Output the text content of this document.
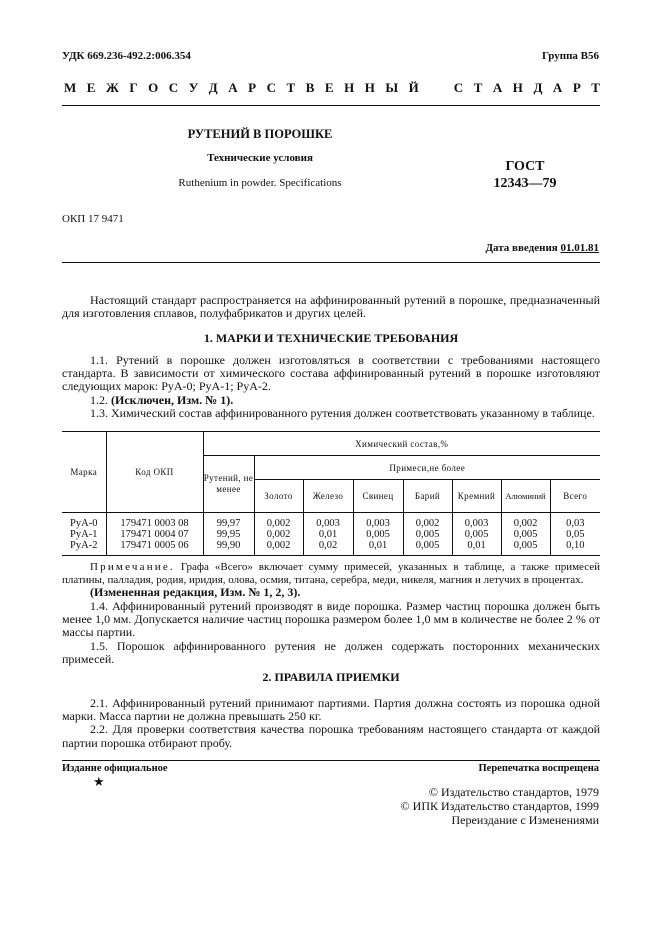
УДК 669.236-492.2:006.354	Группа В56
М Е Ж Г О С У Д А Р С Т В Е Н Н Ы Й	С Т А Н Д А Р Т
РУТЕНИЙ В ПОРОШКЕ
Технические условия
Ruthenium in powder. Specifications
ГОСТ
12343—79
ОКП 17 9471
Дата введения 01.01.81

Настоящий стандарт распространяется на аффинированный рутений в порошке, предназначенный для изготовления сплавов, полуфабрикатов и других целей.

1. МАРКИ И ТЕХНИЧЕСКИЕ ТРЕБОВАНИЯ

1.1. Рутений в порошке должен изготовляться в соответствии с требованиями настоящего стандарта. В зависимости от химического состава аффинированный рутений в порошке изготовляют следующих марок: РуА-0; РуА-1; РуА-2.

1.2. (Исключен, Изм. № 1).

1.3. Химический состав аффинированного рутения должен соответствовать указанному в таблице.

Марка	Код ОКП	Химический состав,%							
		Рутений, не менее	Примеси,не более						
			Золото	Железо	Свинец	Барий	Кремний	Алюминий	Всего
РуА-0	179471 0003 08	99,97	0,002	0,003	0,003	0,002	0,003	0,002	0,03
РуА-1	179471 0004 07	99,95	0,002	0,01	0,005	0,005	0,005	0,005	0,05
РуА-2	179471 0005 06	99,90	0,002	0,02	0,01	0,005	0,01	0,005	0,10

Примечание. Графа «Всего» включает сумму примесей, указанных в таблице, а также примесей платины, палладия, родия, иридия, олова, осмия, титана, серебра, меди, никеля, магния и летучих в процентах.

(Измененная редакция, Изм. № 1, 2, 3).

1.4. Аффинированный рутений производят в виде порошка. Размер частиц порошка должен быть менее 1,0 мм. Допускается наличие частиц порошка размером более 1,0 мм в количестве не более 2 % от массы партии.

1.5. Порошок аффинированного рутения не должен содержать посторонних механических примесей.

2. ПРАВИЛА ПРИЕМКИ

2.1. Аффинированный рутений принимают партиями. Партия должна состоять из порошка одной марки. Масса партии не должна превышать 250 кг.

2.2. Для проверки соответствия качества порошка требованиям настоящего стандарта от каждой партии порошка отбирают пробу.

Издание официальное	Перепечатка воспрещена
★
© Издательство стандартов, 1979
© ИПК Издательство стандартов, 1999
Переиздание с Изменениями
